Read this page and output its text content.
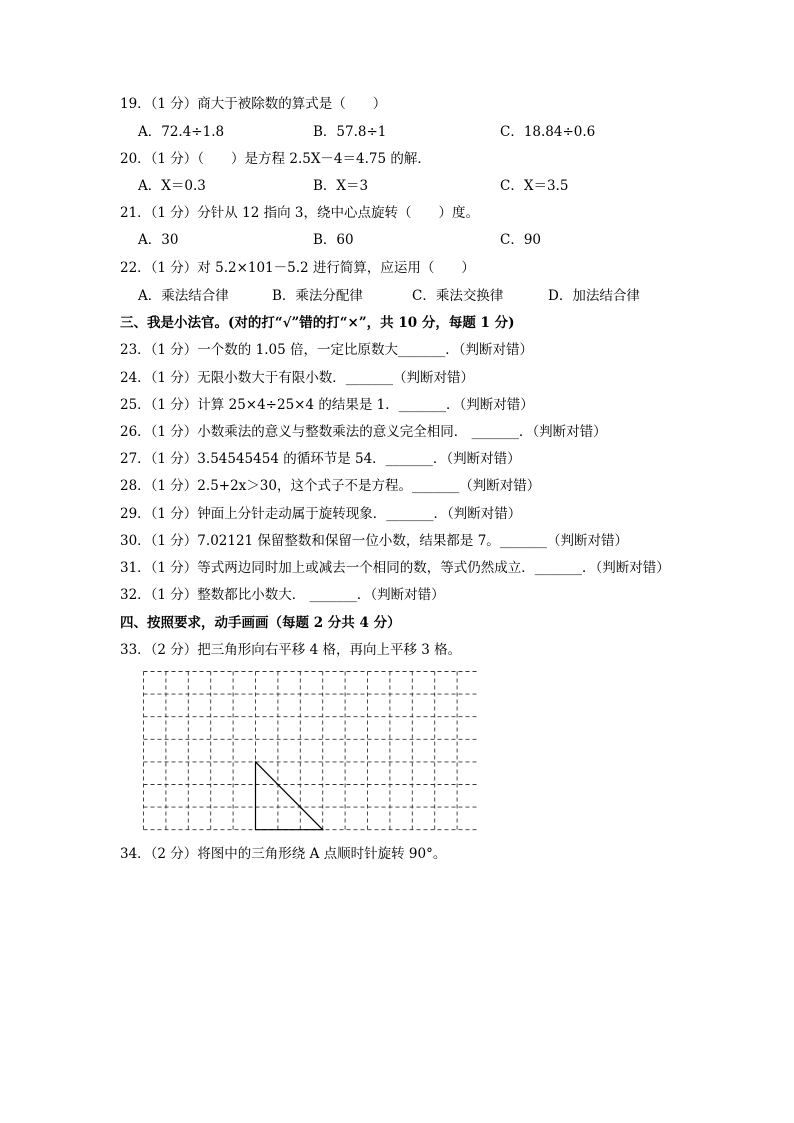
19．（1 分）商大于被除数的算式是（　　）
A．72.4÷1.8	B．57.8÷1	C．18.84÷0.6
20．（1 分）（　　）是方程 2.5X－4＝4.75 的解．
A．X＝0.3	B．X＝3	C．X＝3.5
21．（1 分）分针从 12 指向 3，绕中心点旋转（　　）度。
A．30	B．60	C．90
22．（1 分）对 5.2×101－5.2 进行简算，应运用（　　）
A．乘法结合律	B．乘法分配律	C．乘法交换律	D．加法结合律
三、我是小法官。(对的打“√”错的打“×”，共 10 分，每题 1 分)
23．（1 分）一个数的 1.05 倍，一定比原数大_______．（判断对错）
24．（1 分）无限小数大于有限小数．_______（判断对错）
25．（1 分）计算 25×4÷25×4 的结果是 1．_______．（判断对错）
26．（1 分）小数乘法的意义与整数乘法的意义完全相同． _______．（判断对错）
27．（1 分）3.54545454 的循环节是 54．_______．（判断对错）
28．（1 分）2.5+2x＞30，这个式子不是方程。_______（判断对错）
29．（1 分）钟面上分针走动属于旋转现象．_______．（判断对错）
30．（1 分）7.02121 保留整数和保留一位小数，结果都是 7。_______（判断对错）
31．（1 分）等式两边同时加上或减去一个相同的数，等式仍然成立．_______．（判断对错）
32．（1 分）整数都比小数大． _______．（判断对错）
四、按照要求，动手画画（每题 2 分共 4 分）
33．（2 分）把三角形向右平移 4 格，再向上平移 3 格。
34．（2 分）将图中的三角形绕 A 点顺时针旋转 90°。
